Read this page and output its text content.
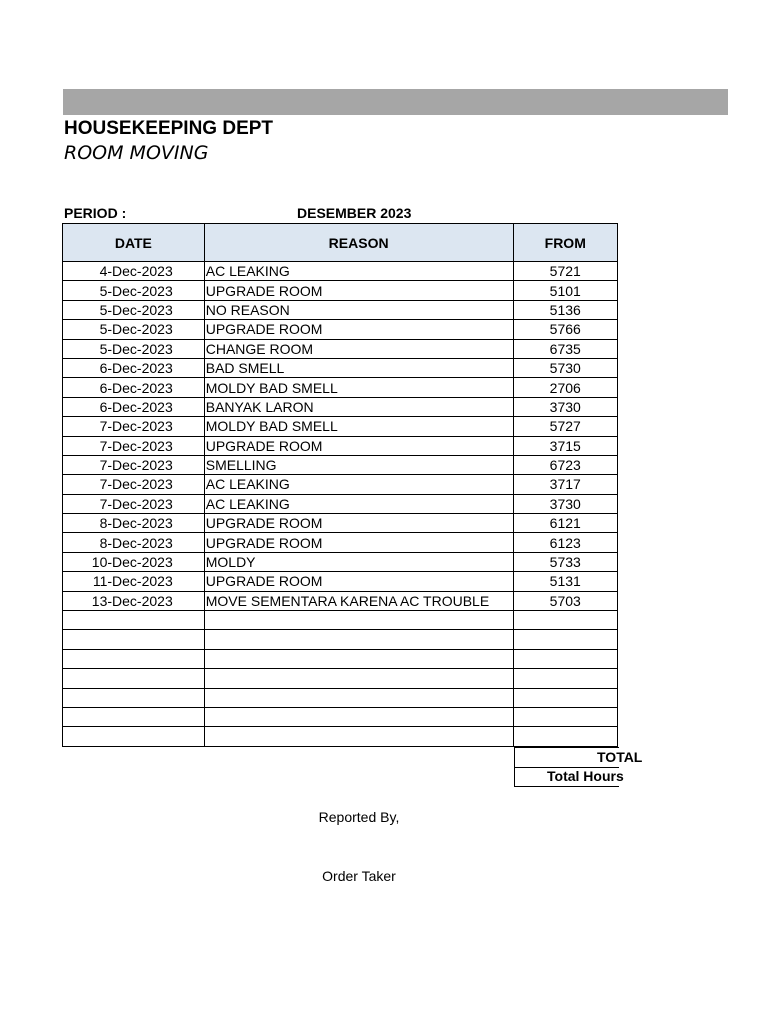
HOUSEKEEPING DEPT
ROOM MOVING
PERIOD :	DESEMBER 2023
DATE	REASON	FROM
4-Dec-2023	AC LEAKING	5721
5-Dec-2023	UPGRADE ROOM	5101
5-Dec-2023	NO REASON	5136
5-Dec-2023	UPGRADE ROOM	5766
5-Dec-2023	CHANGE ROOM	6735
6-Dec-2023	BAD SMELL	5730
6-Dec-2023	MOLDY BAD SMELL	2706
6-Dec-2023	BANYAK LARON	3730
7-Dec-2023	MOLDY BAD SMELL	5727
7-Dec-2023	UPGRADE ROOM	3715
7-Dec-2023	SMELLING	6723
7-Dec-2023	AC LEAKING	3717
7-Dec-2023	AC LEAKING	3730
8-Dec-2023	UPGRADE ROOM	6121
8-Dec-2023	UPGRADE ROOM	6123
10-Dec-2023	MOLDY	5733
11-Dec-2023	UPGRADE ROOM	5131
13-Dec-2023	MOVE SEMENTARA KARENA AC TROUBLE	5703

TOTAL
Total Hours
Reported By,
Order Taker
